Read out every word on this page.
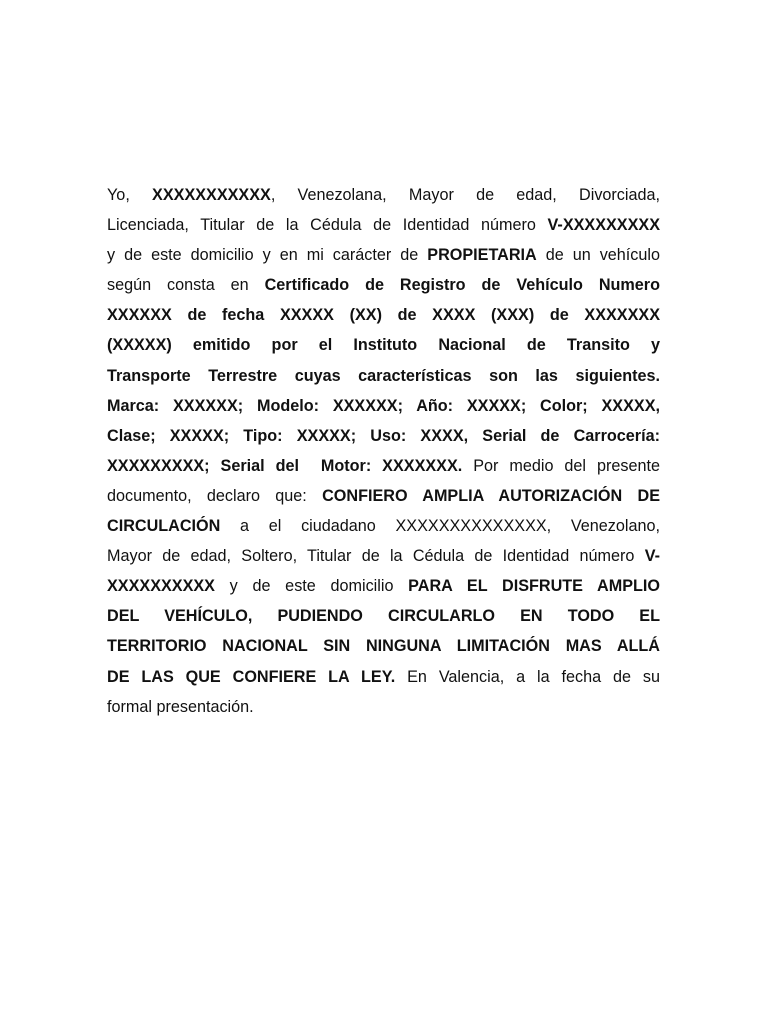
Yo, XXXXXXXXXXX, Venezolana, Mayor de edad, Divorciada,
Licenciada, Titular de la Cédula de Identidad número V-XXXXXXXXX
y de este domicilio y en mi carácter de PROPIETARIA de un vehículo
según consta en Certificado de Registro de Vehículo Numero
XXXXXX de fecha XXXXX (XX) de XXXX (XXX) de XXXXXXX
(XXXXX) emitido por el Instituto Nacional de Transito y
Transporte Terrestre cuyas características son las siguientes.
Marca: XXXXXX; Modelo: XXXXXX; Año: XXXXX; Color; XXXXX,
Clase; XXXXX; Tipo: XXXXX; Uso: XXXX, Serial de Carrocería:
XXXXXXXXX; Serial del  Motor: XXXXXXX. Por medio del presente
documento, declaro que: CONFIERO AMPLIA AUTORIZACIÓN DE
CIRCULACIÓN a el ciudadano XXXXXXXXXXXXXX, Venezolano,
Mayor de edad, Soltero, Titular de la Cédula de Identidad número V-
XXXXXXXXXX y de este domicilio PARA EL DISFRUTE AMPLIO
DEL VEHÍCULO, PUDIENDO CIRCULARLO EN TODO EL
TERRITORIO NACIONAL SIN NINGUNA LIMITACIÓN MAS ALLÁ
DE LAS QUE CONFIERE LA LEY. En Valencia, a la fecha de su
formal presentación.
